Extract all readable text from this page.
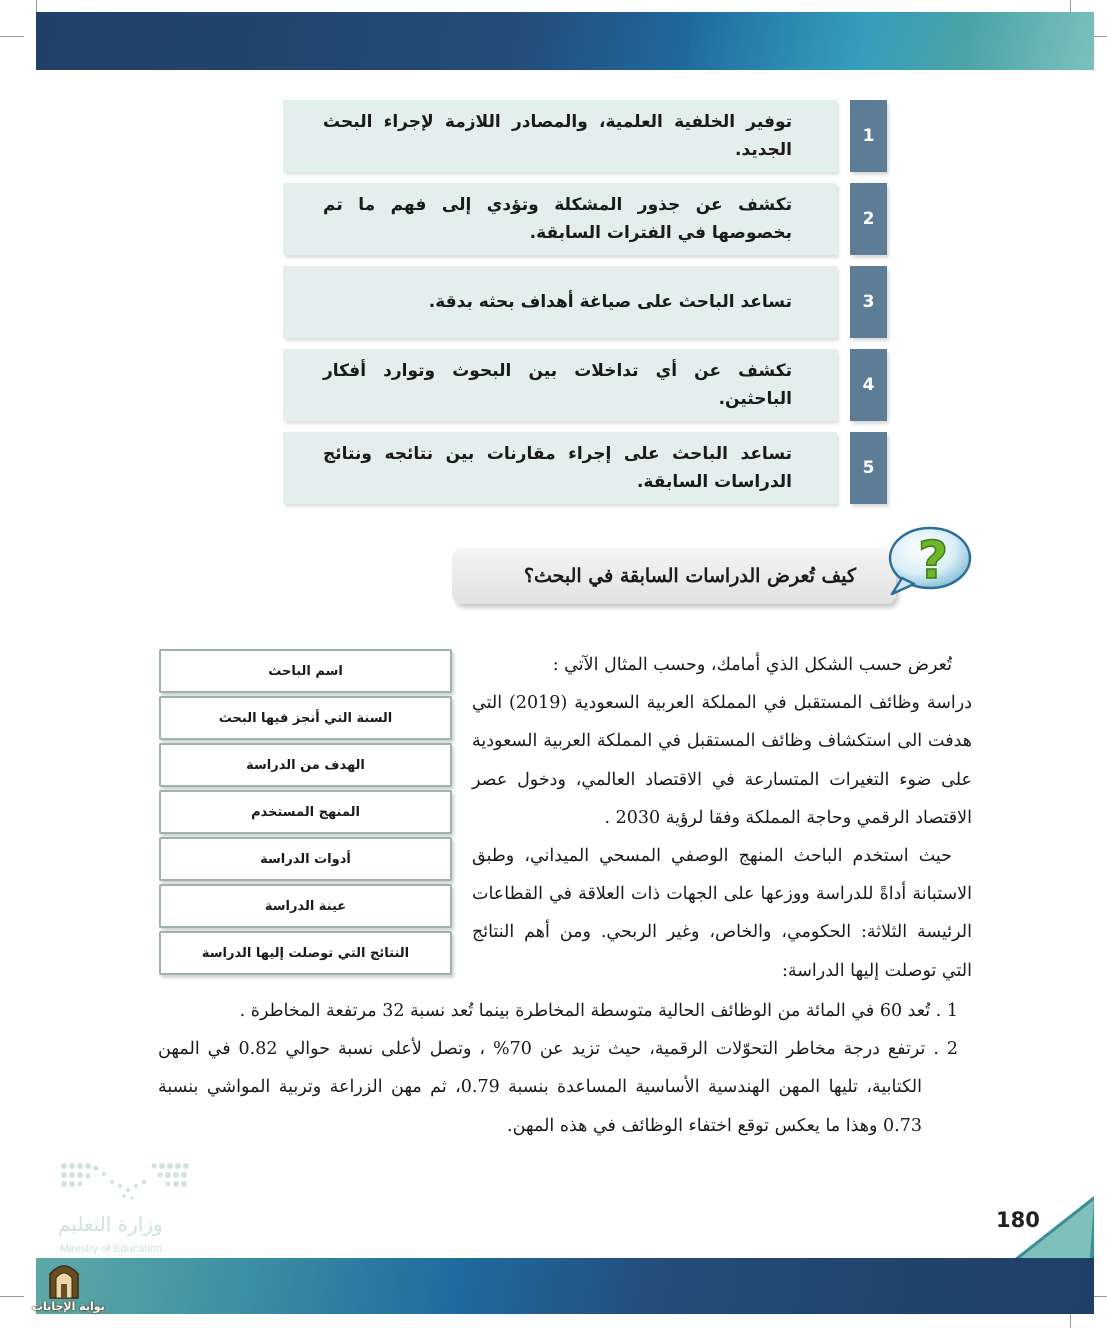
توفير الخلفية العلمية، والمصادر اللازمة لإجراء البحث الجديد.
1
تكشف عن جذور المشكلة وتؤدي إلى فهم ما تم بخصوصها في الفترات السابقة.
2
تساعد الباحث على صياغة أهداف بحثه بدقة.	3
تكشف عن أي تداخلات بين البحوث وتوارد أفكار الباحثين.
4
تساعد الباحث على إجراء مقارنات بين نتائجه ونتائج الدراسات السابقة.
5
كيف تُعرض الدراسات السابقة في البحث؟ ?
اسم الباحث
السنة التي أنجز فيها البحث
الهدف من الدراسة
المنهج المستخدم
أدوات الدراسة
عينة الدراسة
النتائج التي توصلت إليها الدراسة

تُعرض حسب الشكل الذي أمامك، وحسب المثال الآتي :

دراسة وظائف المستقبل في المملكة العربية السعودية (2019) التي

هدفت الى استكشاف وظائف المستقبل في المملكة العربية السعودية

على ضوء التغيرات المتسارعة في الاقتصاد العالمي، ودخول عصر

الاقتصاد الرقمي وحاجة المملكة وفقا لرؤية 2030 .

حيث استخدم الباحث المنهج الوصفي المسحي الميداني، وطبق

الاستبانة أداةً للدراسة ووزعها على الجهات ذات العلاقة في القطاعات

الرئيسة الثلاثة: الحكومي، والخاص، وغير الربحي. ومن أهم النتائج

التي توصلت إليها الدراسة:

1 . تُعد 60 في المائة من الوظائف الحالية متوسطة المخاطرة بينما تُعد نسبة 32 مرتفعة المخاطرة .

2 . ترتفع درجة مخاطر التحوّلات الرقمية، حيث تزيد عن 70% ، وتصل لأعلى نسبة حوالي 0.82 في المهن

الكتابية، تليها المهن الهندسية الأساسية المساعدة بنسبة 0.79، ثم مهن الزراعة وتربية المواشي بنسبة

0.73 وهذا ما يعكس توقع اختفاء الوظائف في هذه المهن.

وزارة التعليم
Ministry of Education
180
بوابة الإجابات
